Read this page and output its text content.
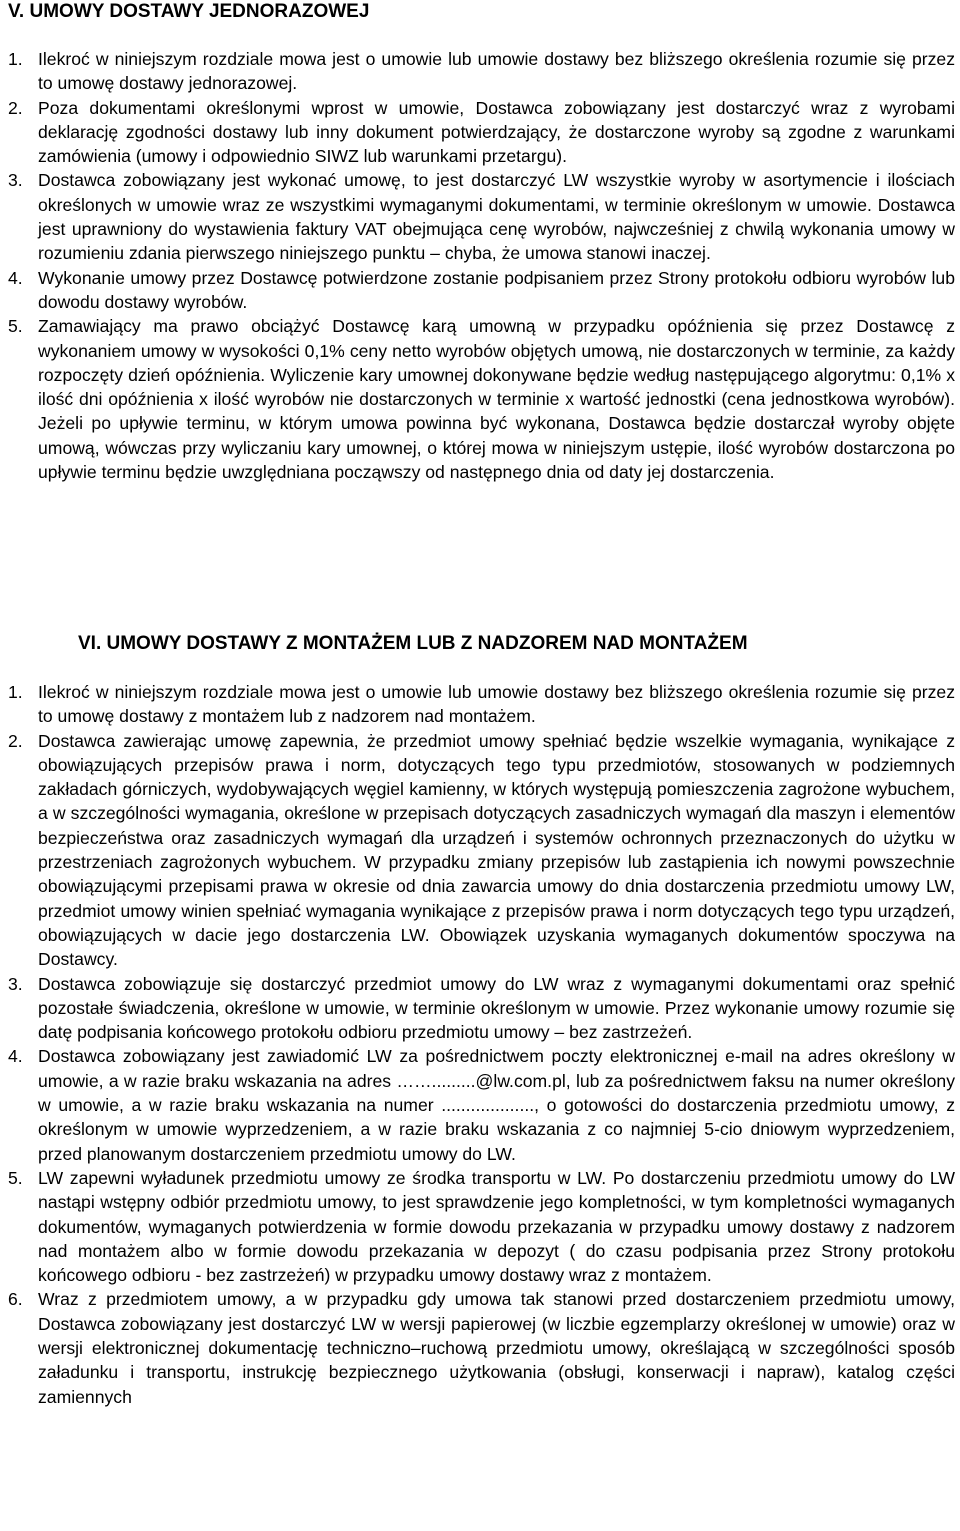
V. UMOWY DOSTAWY JEDNORAZOWEJ
1. Ilekroć w niniejszym rozdziale mowa jest o umowie lub umowie dostawy bez bliższego określenia rozumie się przez to umowę dostawy jednorazowej.
2. Poza dokumentami określonymi wprost w umowie, Dostawca zobowiązany jest dostarczyć wraz z wyrobami deklarację zgodności dostawy lub inny dokument potwierdzający, że dostarczone wyroby są zgodne z warunkami zamówienia (umowy i odpowiednio SIWZ lub warunkami przetargu).
3. Dostawca zobowiązany jest wykonać umowę, to jest dostarczyć LW wszystkie wyroby w asortymencie i ilościach określonych w umowie wraz ze wszystkimi wymaganymi dokumentami, w terminie określonym w umowie. Dostawca jest uprawniony do wystawienia faktury VAT obejmująca cenę wyrobów, najwcześniej z chwilą wykonania umowy w rozumieniu zdania pierwszego niniejszego punktu – chyba, że umowa stanowi inaczej.
4. Wykonanie umowy przez Dostawcę potwierdzone zostanie podpisaniem przez Strony protokołu odbioru wyrobów lub dowodu dostawy wyrobów.
5. Zamawiający ma prawo obciążyć Dostawcę karą umowną w przypadku opóźnienia się przez Dostawcę z wykonaniem umowy w wysokości 0,1% ceny netto wyrobów objętych umową, nie dostarczonych w terminie, za każdy rozpoczęty dzień opóźnienia. Wyliczenie kary umownej dokonywane będzie według następującego algorytmu: 0,1% x ilość dni opóźnienia x ilość wyrobów nie dostarczonych w terminie x wartość jednostki (cena jednostkowa wyrobów). Jeżeli po upływie terminu, w którym umowa powinna być wykonana, Dostawca będzie dostarczał wyroby objęte umową, wówczas przy wyliczaniu kary umownej, o której mowa w niniejszym ustępie, ilość wyrobów dostarczona po upływie terminu będzie uwzględniana począwszy od następnego dnia od daty jej dostarczenia.
VI. UMOWY DOSTAWY Z MONTAŻEM LUB Z NADZOREM NAD MONTAŻEM
1. Ilekroć w niniejszym rozdziale mowa jest o umowie lub umowie dostawy bez bliższego określenia rozumie się przez to umowę dostawy z montażem lub z nadzorem nad montażem.
2. Dostawca zawierając umowę zapewnia, że przedmiot umowy spełniać będzie wszelkie wymagania, wynikające z obowiązujących przepisów prawa i norm, dotyczących tego typu przedmiotów, stosowanych w podziemnych zakładach górniczych, wydobywających węgiel kamienny, w których występują pomieszczenia zagrożone wybuchem, a w szczególności wymagania, określone w przepisach dotyczących zasadniczych wymagań dla maszyn i elementów bezpieczeństwa oraz zasadniczych wymagań dla urządzeń i systemów ochronnych przeznaczonych do użytku w przestrzeniach zagrożonych wybuchem. W przypadku zmiany przepisów lub zastąpienia ich nowymi powszechnie obowiązującymi przepisami prawa w okresie od dnia zawarcia umowy do dnia dostarczenia przedmiotu umowy LW, przedmiot umowy winien spełniać wymagania wynikające z przepisów prawa i norm dotyczących tego typu urządzeń, obowiązujących w dacie jego dostarczenia LW. Obowiązek uzyskania wymaganych dokumentów spoczywa na Dostawcy.
3. Dostawca zobowiązuje się dostarczyć przedmiot umowy do LW wraz z wymaganymi dokumentami oraz spełnić pozostałe świadczenia, określone w umowie, w terminie określonym w umowie. Przez wykonanie umowy rozumie się datę podpisania końcowego protokołu odbioru przedmiotu umowy – bez zastrzeżeń.
4. Dostawca zobowiązany jest zawiadomić LW za pośrednictwem poczty elektronicznej e-mail na adres określony w umowie, a w razie braku wskazania na adres …….........@lw.com.pl, lub za pośrednictwem faksu na numer określony w umowie, a w razie braku wskazania na numer ..................., o gotowości do dostarczenia przedmiotu umowy, z określonym w umowie wyprzedzeniem, a w razie braku wskazania z co najmniej 5-cio dniowym wyprzedzeniem, przed planowanym dostarczeniem przedmiotu umowy do LW.
5. LW zapewni wyładunek przedmiotu umowy ze środka transportu w LW. Po dostarczeniu przedmiotu umowy do LW nastąpi wstępny odbiór przedmiotu umowy, to jest sprawdzenie jego kompletności, w tym kompletności wymaganych dokumentów, wymaganych potwierdzenia w formie dowodu przekazania w przypadku umowy dostawy z nadzorem nad montażem albo w formie dowodu przekazania w depozyt ( do czasu podpisania przez Strony protokołu końcowego odbioru - bez zastrzeżeń) w przypadku umowy dostawy wraz z montażem.
6. Wraz z przedmiotem umowy, a w przypadku gdy umowa tak stanowi przed dostarczeniem przedmiotu umowy, Dostawca zobowiązany jest dostarczyć LW w wersji papierowej (w liczbie egzemplarzy określonej w umowie) oraz w wersji elektronicznej dokumentację techniczno–ruchową przedmiotu umowy, określającą w szczególności sposób załadunku i transportu, instrukcję bezpiecznego użytkowania (obsługi, konserwacji i napraw), katalog części zamiennych
